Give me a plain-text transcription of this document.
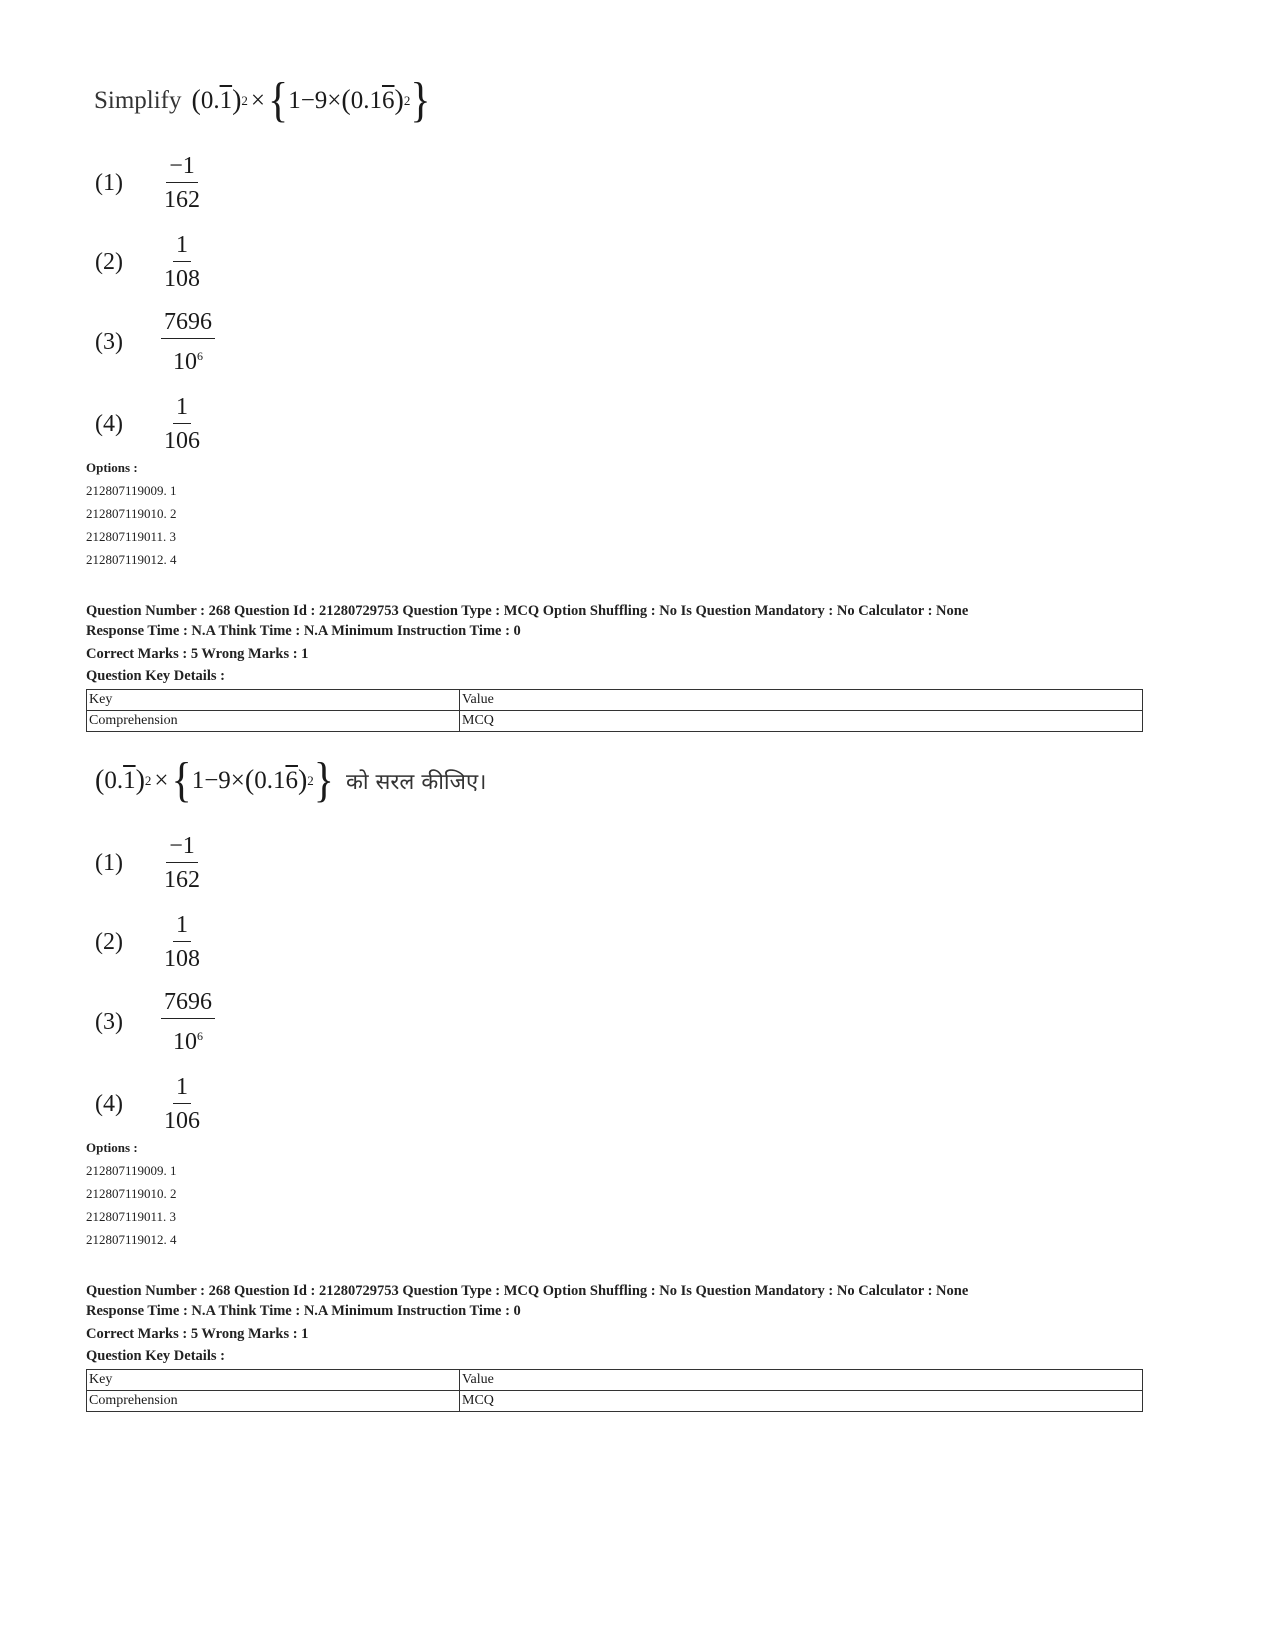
Simplify ( 0. 1 ) 2 × { 1−9× ( 0.1 6 ) 2 }
(1)	$\frac{-1}{162}$
(2)	$\frac{1}{108}$
(3)	$\frac{7696}{10^6}$
(4)	$\frac{1}{106}$
Options :
212807119009. 1
212807119010. 2
212807119011. 3
212807119012. 4
Question Number : 268 Question Id : 21280729753 Question Type : MCQ Option Shuffling : No Is Question Mandatory : No Calculator : None
Response Time : N.A Think Time : N.A Minimum Instruction Time : 0
Correct Marks : 5 Wrong Marks : 1
Question Key Details :
Key	Value
Comprehension	MCQ
( 0. 1 ) 2 × { 1−9× ( 0.1 6 ) 2 } को सरल कीजिए।
(1)	$\frac{-1}{162}$
(2)	$\frac{1}{108}$
(3)	$\frac{7696}{10^6}$
(4)	$\frac{1}{106}$
Options :
212807119009. 1
212807119010. 2
212807119011. 3
212807119012. 4
Question Number : 268 Question Id : 21280729753 Question Type : MCQ Option Shuffling : No Is Question Mandatory : No Calculator : None
Response Time : N.A Think Time : N.A Minimum Instruction Time : 0
Correct Marks : 5 Wrong Marks : 1
Question Key Details :
Key	Value
Comprehension	MCQ
